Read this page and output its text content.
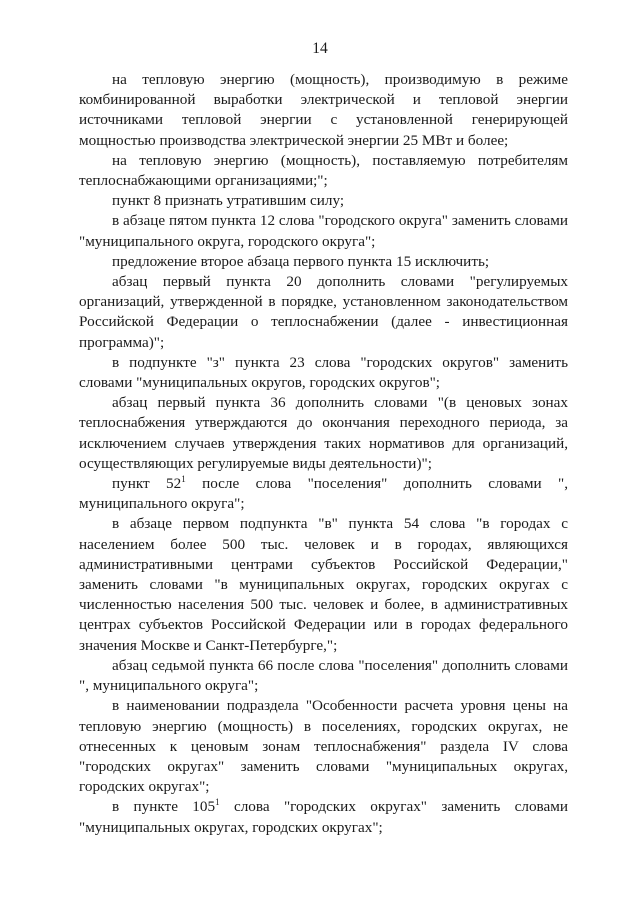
14

на тепловую энергию (мощность), производимую в режиме комбинированной выработки электрической и тепловой энергии источниками тепловой энергии с установленной генерирующей мощностью производства электрической энергии 25 МВт и более;

на тепловую энергию (мощность), поставляемую потребителям теплоснабжающими организациями;";

пункт 8 признать утратившим силу;

в абзаце пятом пункта 12 слова "городского округа" заменить словами "муниципального округа, городского округа";

предложение второе абзаца первого пункта 15 исключить;

абзац первый пункта 20 дополнить словами "регулируемых организаций, утвержденной в порядке, установленном законодательством Российской Федерации о теплоснабжении (далее - инвестиционная программа)";

в подпункте "з" пункта 23 слова "городских округов" заменить словами "муниципальных округов, городских округов";

абзац первый пункта 36 дополнить словами "(в ценовых зонах теплоснабжения утверждаются до окончания переходного периода, за исключением случаев утверждения таких нормативов для организаций, осуществляющих регулируемые виды деятельности)";

пункт $52^1$ после слова "поселения" дополнить словами ", муниципального округа";

в абзаце первом подпункта "в" пункта 54 слова "в городах с населением более 500 тыс. человек и в городах, являющихся административными центрами субъектов Российской Федерации," заменить словами "в муниципальных округах, городских округах с численностью населения 500 тыс. человек и более, в административных центрах субъектов Российской Федерации или в городах федерального значения Москве и Санкт-Петербурге,";

абзац седьмой пункта 66 после слова "поселения" дополнить словами ", муниципального округа";

в наименовании подраздела "Особенности расчета уровня цены на тепловую энергию (мощность) в поселениях, городских округах, не отнесенных к ценовым зонам теплоснабжения" раздела IV слова "городских округах" заменить словами "муниципальных округах, городских округах";

в пункте $105^1$ слова "городских округах" заменить словами "муниципальных округах, городских округах";
